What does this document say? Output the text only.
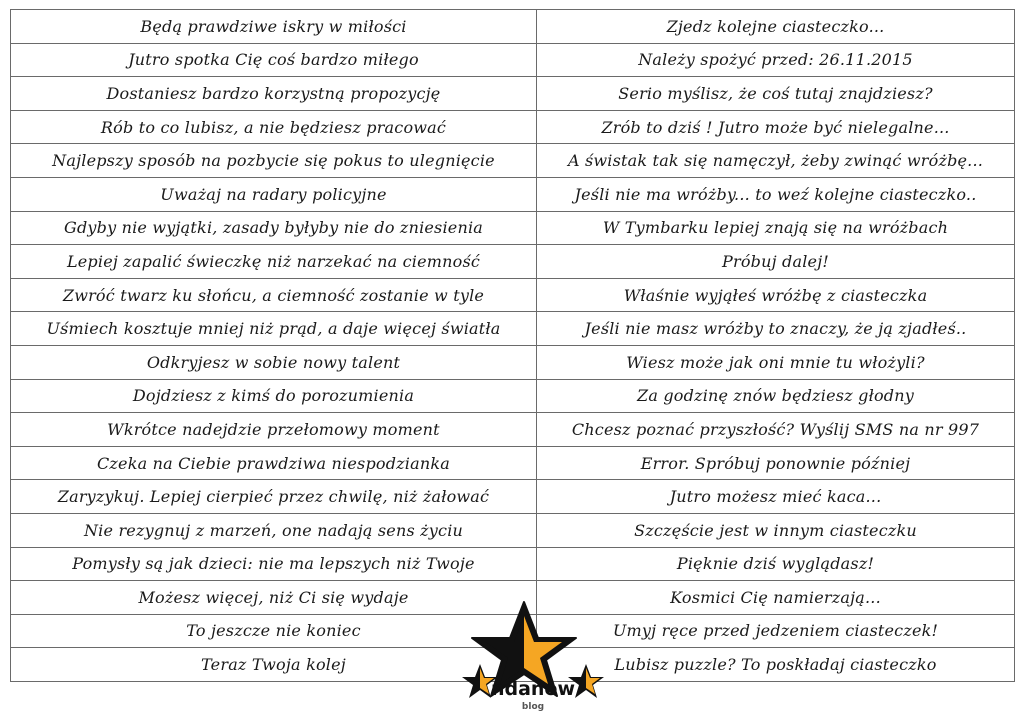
Będą prawdziwe iskry w miłości	Zjedz kolejne ciasteczko...
Jutro spotka Cię coś bardzo miłego	Należy spożyć przed: 26.11.2015
Dostaniesz bardzo korzystną propozycję	Serio myślisz, że coś tutaj znajdziesz?
Rób to co lubisz, a nie będziesz pracować	Zrób to dziś ! Jutro może być nielegalne...
Najlepszy sposób na pozbycie się pokus to ulegnięcie	A świstak tak się namęczył, żeby zwinąć wróżbę...
Uważaj na radary policyjne	Jeśli nie ma wróżby... to weź kolejne ciasteczko..
Gdyby nie wyjątki, zasady byłyby nie do zniesienia	W Tymbarku lepiej znają się na wróżbach
Lepiej zapalić świeczkę niż narzekać na ciemność	Próbuj dalej!
Zwróć twarz ku słońcu, a ciemność zostanie w tyle	Właśnie wyjąłeś wróżbę z ciasteczka
Uśmiech kosztuje mniej niż prąd, a daje więcej światła	Jeśli nie masz wróżby to znaczy, że ją zjadłeś..
Odkryjesz w sobie nowy talent	Wiesz może jak oni mnie tu włożyli?
Dojdziesz z kimś do porozumienia	Za godzinę znów będziesz głodny
Wkrótce nadejdzie przełomowy moment	Chcesz poznać przyszłość? Wyślij SMS na nr 997
Czeka na Ciebie prawdziwa niespodzianka	Error. Spróbuj ponownie później
Zaryzykuj. Lepiej cierpieć przez chwilę, niż żałować	Jutro możesz mieć kaca...
Nie rezygnuj z marzeń, one nadają sens życiu	Szczęście jest w innym ciasteczku
Pomysły są jak dzieci: nie ma lepszych niż Twoje	Pięknie dziś wyglądasz!
Możesz więcej, niż Ci się wydaje	Kosmici Cię namierzają...
To jeszcze nie koniec	Umyj ręce przed jedzeniem ciasteczek!
Teraz Twoja kolej	Lubisz puzzle? To poskładaj ciasteczko
ndanow
blog
